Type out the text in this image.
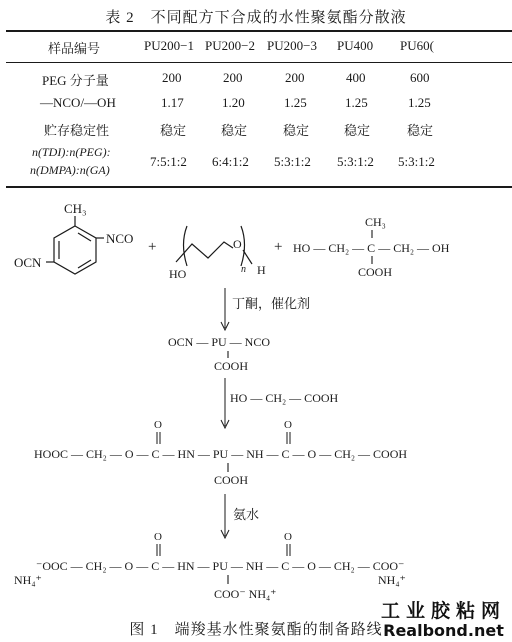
表 2　不同配方下合成的水性聚氨酯分散液
样品编号	PU200−1 PU200−2 PU200−3 PU400 PU60(
PEG 分子量	200	200	200	400	600
—NCO/—OH	1.17	1.20	1.25	1.25	1.25
贮存稳定性	稳定	稳定	稳定	稳定	稳定
n(TDI):n(PEG):
n(DMPA):n(GA)
7:5:1:2 6:4:1:2 5:3:1:2 5:3:1:2 5:3:1:2
CH₃
NCO
OCN
+
HO
O
H
n
+
CH₃
HO — CH₂ — C — CH₂ — OH
COOH
丁酮，催化剂
OCN — PU — NCO
COOH
HO — CH₂ — COOH
O	O
HOOC — CH₂ — O — C — HN — PU — NH — C — O — CH₂ — COOH
COOH
氨水
O	O
⁻OOC — CH₂ — O — C — HN — PU — NH — C — O — CH₂ — COO⁻
NH₄⁺	NH₄⁺
COO⁻ NH₄⁺
图 1　端羧基水性聚氨酯的制备路线
工业胶粘网
Realbond.net
